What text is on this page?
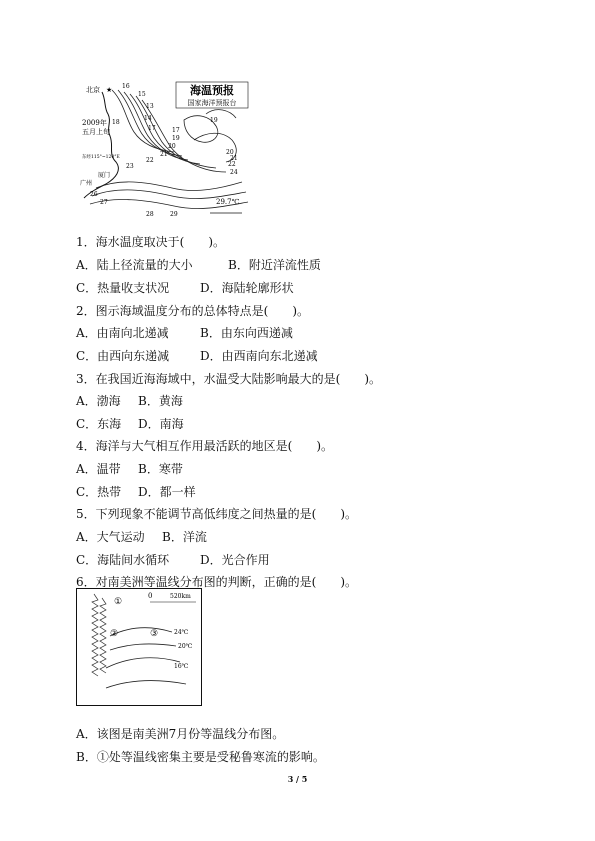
海温预报
国家海洋预报台
北京 ★
2009年
五月上旬
东经115°~120°E
厦门
广州
29.7℃
16
15
13
14
17
18
17
19
20
21
22
23
19
20
21
22
24
26
27
28	29
1．海水温度取决于(　　)。
A．陆上径流量的大小	B．附近洋流性质
C．热量收支状况	D．海陆轮廓形状
2．图示海域温度分布的总体特点是(　　)。
A．由南向北递减	B．由东向西递减
C．由西向东递减	D．由西南向东北递减
3．在我国近海海域中，水温受大陆影响最大的是(　　)。
A．渤海 B．黄海
C．东海 D．南海
4．海洋与大气相互作用最活跃的地区是(　　)。
A．温带 B．寒带
C．热带 D．都一样
5．下列现象不能调节高低纬度之间热量的是(　　)。
A．大气运动 B．洋流
C．海陆间水循环	D．光合作用
6．对南美洲等温线分布图的判断，正确的是(　　)。
0	520km
①
②	③	24℃
20℃
16℃
A．该图是南美洲7月份等温线分布图。
B．①处等温线密集主要是受秘鲁寒流的影响。
3 / 5
